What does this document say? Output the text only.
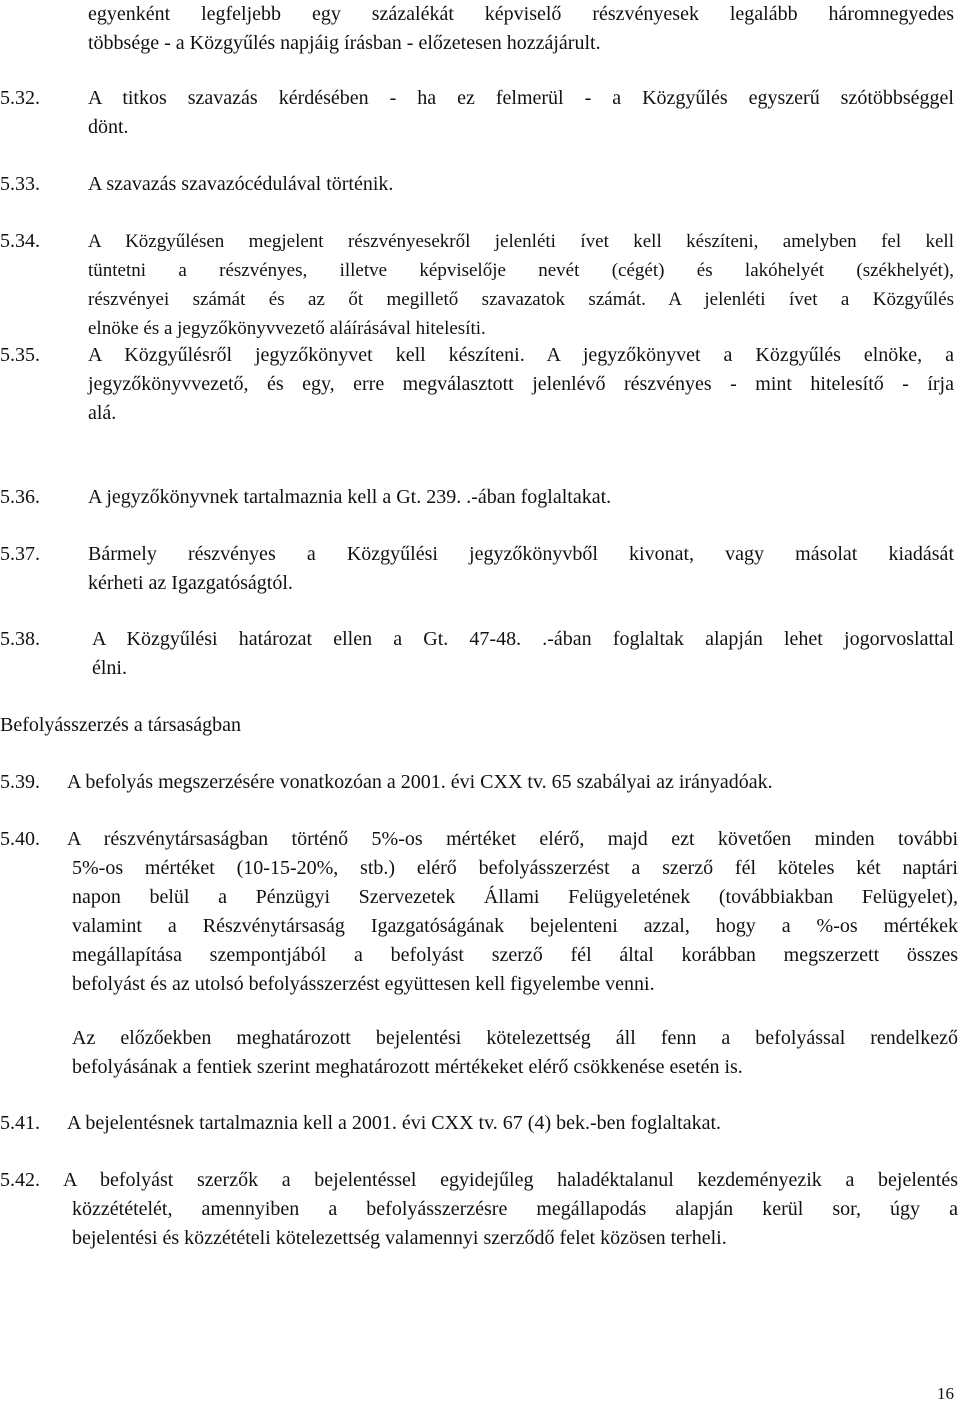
egyenként legfeljebb egy százalékát képviselő részvényesek legalább háromnegyedes
többsége - a Közgyűlés napjáig írásban - előzetesen hozzájárult.
5.32. A titkos szavazás kérdésében - ha ez felmerül - a Közgyűlés egyszerű szótöbbséggel
dönt.
5.33. A szavazás szavazócédulával történik.
5.34.	A Közgyűlésen megjelent részvényesekről jelenléti ívet kell készíteni, amelyben fel kell
tüntetni a részvényes, illetve képviselője nevét (cégét) és lakóhelyét (székhelyét),
részvényei számát és az őt megillető szavazatok számát. A jelenléti ívet a Közgyűlés
elnöke és a jegyzőkönyvvezető aláírásával hitelesíti.
5.35. A Közgyűlésről jegyzőkönyvet kell készíteni. A jegyzőkönyvet a Közgyűlés elnöke, a
jegyzőkönyvvezető, és egy, erre megválasztott jelenlévő részvényes - mint hitelesítő - írja
alá.
5.36. A jegyzőkönyvnek tartalmaznia kell a Gt. 239. .-ában foglaltakat.
5.37. Bármely részvényes a Közgyűlési jegyzőkönyvből kivonat, vagy másolat kiadását
kérheti az Igazgatóságtól.
5.38.	A Közgyűlési határozat ellen a Gt. 47-48. .-ában foglaltak alapján lehet jogorvoslattal
élni.
Befolyásszerzés a társaságban
5.39. A befolyás megszerzésére vonatkozóan a 2001. évi CXX tv. 65 szabályai az irányadóak.
5.40. A részvénytársaságban történő 5%-os mértéket elérő, majd ezt követően minden további
5%-os mértéket (10-15-20%, stb.) elérő befolyásszerzést a szerző fél köteles két naptári
napon belül a Pénzügyi Szervezetek Állami Felügyeletének (továbbiakban Felügyelet),
valamint a Részvénytársaság Igazgatóságának bejelenteni azzal, hogy a %-os mértékek
megállapítása szempontjából a befolyást szerző fél által korábban megszerzett összes
befolyást és az utolsó befolyásszerzést együttesen kell figyelembe venni.
Az előzőekben meghatározott bejelentési kötelezettség áll fenn a befolyással rendelkező
befolyásának a fentiek szerint meghatározott mértékeket elérő csökkenése esetén is.
5.41. A bejelentésnek tartalmaznia kell a 2001. évi CXX tv. 67 (4) bek.-ben foglaltakat.
5.42. A befolyást szerzők a bejelentéssel egyidejűleg haladéktalanul kezdeményezik a bejelentés
közzétételét, amennyiben a befolyásszerzésre megállapodás alapján kerül sor, úgy a
bejelentési és közzétételi kötelezettség valamennyi szerződő felet közösen terheli.
16
